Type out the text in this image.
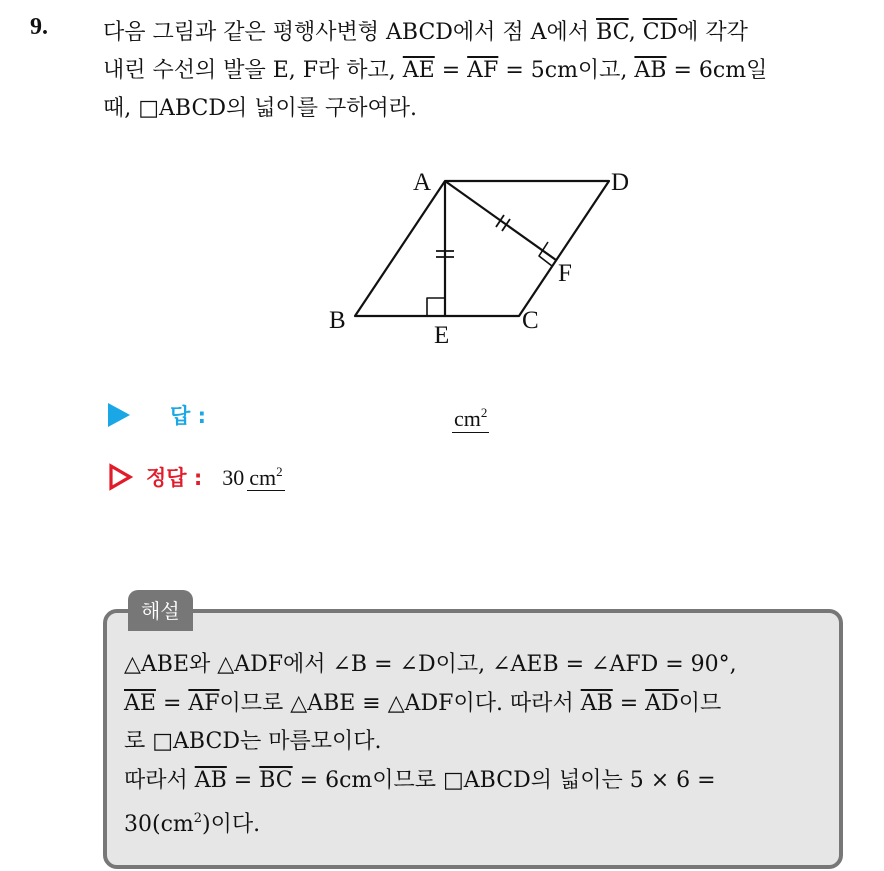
9.	다음 그림과 같은 평행사변형 ABCD에서 점 A에서 $\overline{BC}$, $\overline{CD}$에 각각
내린 수선의 발을 E, F라 하고, $\overline{AE} = \overline{AF} = 5cm$이고, $\overline{AB} = 6cm$일
때, □ABCD의 넓이를 구하여라.
A	D
B	C
E
F
답 :	$cm^2$
정답 : 30 $cm^2$
해설
△ABE와 △ADF에서 ∠B = ∠D이고, ∠AEB = ∠AFD = 90°,
$\overline{AE} = \overline{AF}$이므로 △ABE ≡ △ADF이다. 따라서 $\overline{AB} = \overline{AD}$이므
로 □ABCD는 마름모이다.
따라서 $\overline{AB} = \overline{BC} = 6cm$이므로 □ABCD의 넓이는 5 × 6 =
$30(cm^2)$이다.
